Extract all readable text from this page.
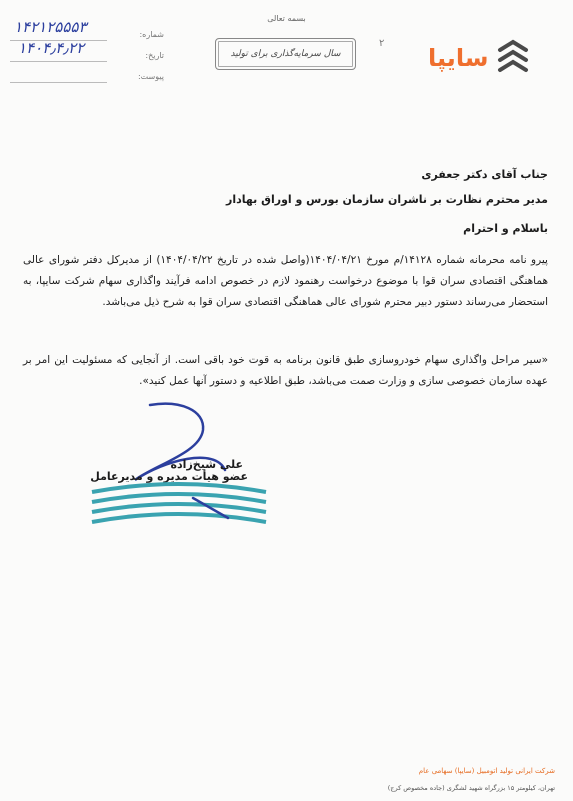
سایپا
بسمه تعالی
سال سرمایه‌گذاری برای تولید
۲
شماره:
۱۴۲۱۲۵۵۵۳
تاریخ:
۱۴۰۴٫۴٫۲۲
پیوست:
جناب آقای دکتر جعفری
مدیر محترم نظارت بر ناشران سازمان بورس و اوراق بهادار
باسلام و احترام
پیرو نامه محرمانه شماره ۱۴۱۲۸/م مورخ ۱۴۰۴/۰۴/۲۱(واصل شده در تاریخ ۱۴۰۴/۰۴/۲۲) از مدیرکل دفتر شورای عالی هماهنگی اقتصادی سران قوا با موضوع درخواست رهنمود لازم در خصوص ادامه فرآیند واگذاری سهام شرکت سایپا، به استحضار می‌رساند دستور دبیر محترم شورای عالی هماهنگی اقتصادی سران قوا به شرح ذیل می‌باشد.
«سیر مراحل واگذاری سهام خودروسازی طبق قانون برنامه به قوت خود باقی است. از آنجایی که مسئولیت این امر بر عهده سازمان خصوصی سازی و وزارت صمت می‌باشد، طبق اطلاعیه و دستور آنها عمل کنید».
علی شیخ‌زاده
عضو هیأت مدیره و مدیرعامل
شرکت ایرانی تولید اتومبیل (سایپا) سهامی عام
تهران، کیلومتر ۱۵ بزرگراه شهید لشگری (جاده مخصوص کرج)
